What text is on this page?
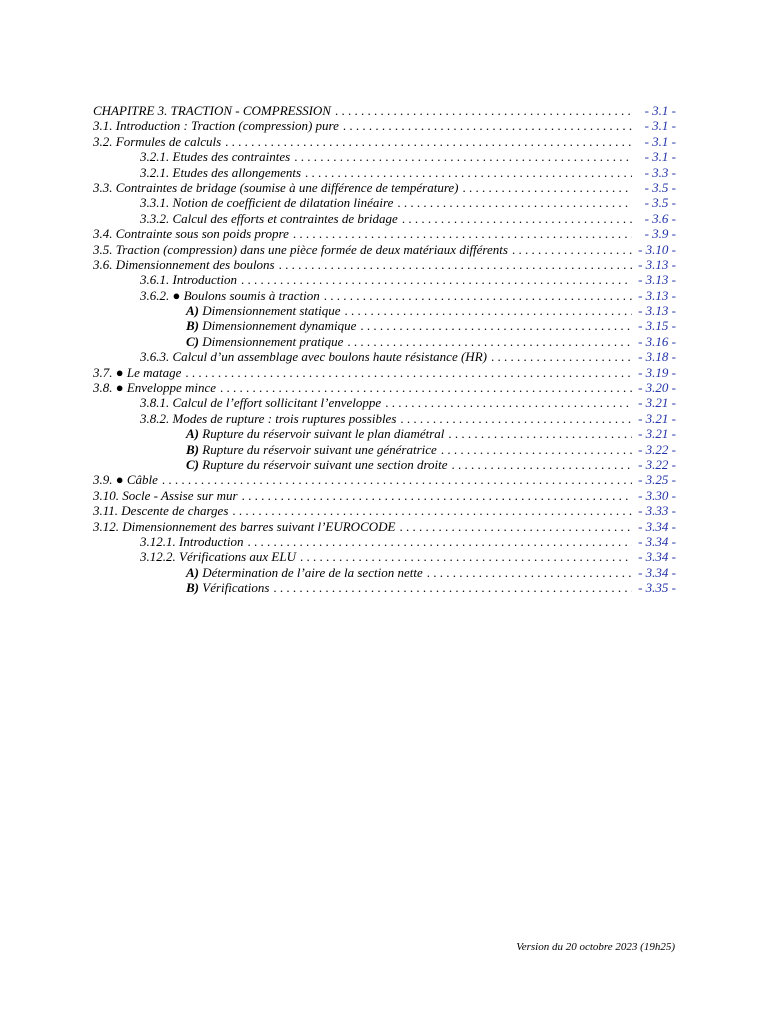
CHAPITRE 3. TRACTION - COMPRESSION . . .	- 3.1 -
3.1. Introduction : Traction (compression) pure . . .	- 3.1 -
3.2. Formules de calculs . . .	- 3.1 -
3.2.1. Etudes des contraintes . . .	- 3.1 -
3.2.1. Etudes des allongements . . .	- 3.3 -
3.3. Contraintes de bridage (soumise à une différence de température) . . .	- 3.5 -
3.3.1. Notion de coefficient de dilatation linéaire . . .	- 3.5 -
3.3.2. Calcul des efforts et contraintes de bridage . . .	- 3.6 -
3.4. Contrainte sous son poids propre . . .	- 3.9 -
3.5. Traction (compression) dans une pièce formée de deux matériaux différents . . .	- 3.10 -
3.6. Dimensionnement des boulons . . .	- 3.13 -
3.6.1. Introduction . . .	- 3.13 -
3.6.2. ● Boulons soumis à traction . . .	- 3.13 -
A) Dimensionnement statique . . .	- 3.13 -
B) Dimensionnement dynamique . . .	- 3.15 -
C) Dimensionnement pratique . . .	- 3.16 -
3.6.3. Calcul d’un assemblage avec boulons haute résistance (HR) . . .	- 3.18 -
3.7. ● Le matage . . .	- 3.19 -
3.8. ● Enveloppe mince . . .	- 3.20 -
3.8.1. Calcul de l’effort sollicitant l’enveloppe . . .	- 3.21 -
3.8.2. Modes de rupture : trois ruptures possibles . . .	- 3.21 -
A) Rupture du réservoir suivant le plan diamétral . . .	- 3.21 -
B) Rupture du réservoir suivant une génératrice . . .	- 3.22 -
C) Rupture du réservoir suivant une section droite . . .	- 3.22 -
3.9. ● Câble . . .	- 3.25 -
3.10. Socle - Assise sur mur . . .	- 3.30 -
3.11. Descente de charges . . .	- 3.33 -
3.12. Dimensionnement des barres suivant l’EUROCODE . . .	- 3.34 -
3.12.1. Introduction . . .	- 3.34 -
3.12.2. Vérifications aux ELU . . .	- 3.34 -
A) Détermination de l’aire de la section nette . . .	- 3.34 -
B) Vérifications . . .	- 3.35 -
Version du 20 octobre 2023 (19h25)
